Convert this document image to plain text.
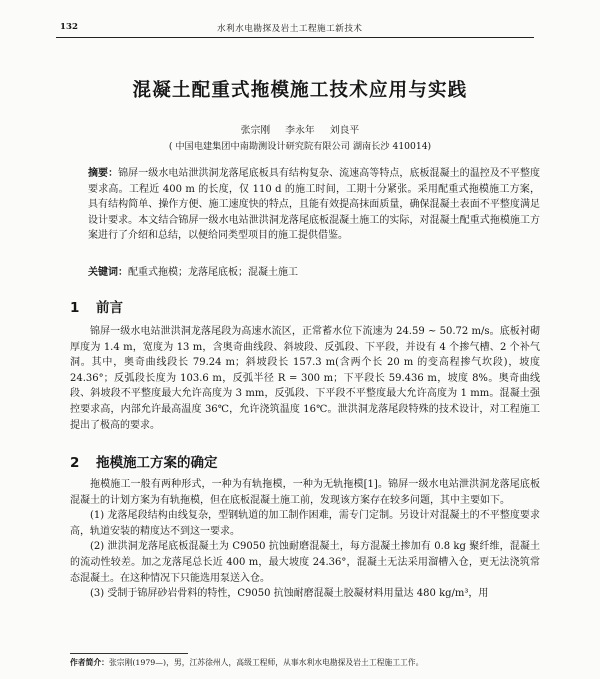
132	水利水电勘探及岩土工程施工新技术
混凝土配重式拖模施工技术应用与实践
张宗刚 李永年 刘良平
( 中国电建集团中南勘测设计研究院有限公司 湖南长沙 410014)
摘要：锦屏一级水电站泄洪洞龙落尾底板具有结构复杂、流速高等特点，底板混凝土的温控及不平整度要求高。工程近 400 m 的长度，仅 110 d 的施工时间，工期十分紧张。采用配重式拖模施工方案，具有结构简单、操作方便、施工速度快的特点，且能有效提高抹面质量，确保混凝土表面不平整度满足设计要求。本文结合锦屏一级水电站泄洪洞龙落尾底板混凝土施工的实际，对混凝土配重式拖模施工方案进行了介绍和总结，以便给同类型项目的施工提供借鉴。
关键词：配重式拖模；龙落尾底板；混凝土施工
1 前言

锦屏一级水电站泄洪洞龙落尾段为高速水流区，正常蓄水位下流速为 24.59 ~ 50.72 m/s。底板衬砌厚度为 1.4 m，宽度为 13 m，含奥奇曲线段、斜坡段、反弧段、下平段，并设有 4 个掺气槽、2 个补气洞。其中，奥奇曲线段长 79.24 m；斜坡段长 157.3 m(含两个长 20 m 的变高程掺气坎段)，坡度 24.36°；反弧段长度为 103.6 m，反弧半径 R = 300 m；下平段长 59.436 m，坡度 8%。奥奇曲线段、斜坡段不平整度最大允许高度为 3 mm，反弧段、下平段不平整度最大允许高度为 1 mm。混凝土强控要求高，内部允许最高温度 36℃，允许浇筑温度 16℃。泄洪洞龙落尾段特殊的技术设计，对工程施工提出了极高的要求。

2 拖模施工方案的确定

拖模施工一般有两种形式，一种为有轨拖模，一种为无轨拖模[1]。锦屏一级水电站泄洪洞龙落尾底板混凝土的计划方案为有轨拖模，但在底板混凝土施工前，发现该方案存在较多问题，其中主要如下。

(1) 龙落尾段结构由线复杂，型钢轨道的加工制作困难，需专门定制。另设计对混凝土的不平整度要求高，轨道安装的精度达不到这一要求。

(2) 泄洪洞龙落尾底板混凝土为 C9050 抗蚀耐磨混凝土，每方混凝土掺加有 0.8 kg 聚纤维，混凝土的流动性较差。加之龙落尾总长近 400 m，最大坡度 24.36°，混凝土无法采用溜槽入仓，更无法浇筑常态混凝土。在这种情况下只能选用泵送入仓。

(3) 受制于锦屏砂岩骨料的特性，C9050 抗蚀耐磨混凝土胶凝材料用量达 480 kg/m³，用

作者简介：张宗刚(1979—)，男，江苏徐州人，高级工程师，从事水利水电勘探及岩土工程施工工作。
